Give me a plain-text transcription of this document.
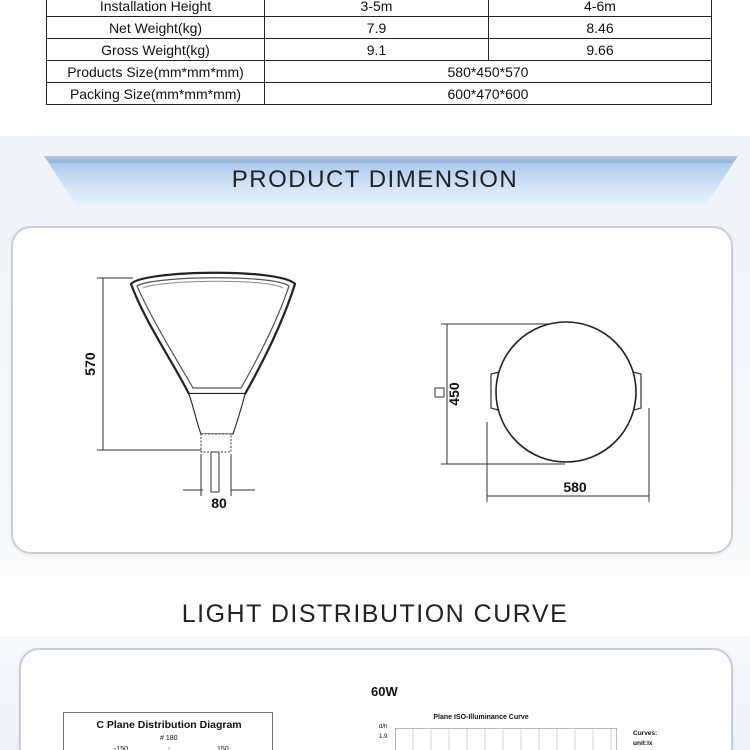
Installation Height	3-5m	4-6m
Net Weight(kg)	7.9	8.46
Gross Weight(kg)	9.1	9.66
Products Size(mm*mm*mm)	580*450*570	
Packing Size(mm*mm*mm)	600*470*600	
PRODUCT DIMENSION
570
80
450
580
LIGHT DISTRIBUTION CURVE
60W
C Plane Distribution Diagram
# 180
-150	150
Plane ISO-Illuminance Curve
d/h
1.9	Curves:
unit:lx
